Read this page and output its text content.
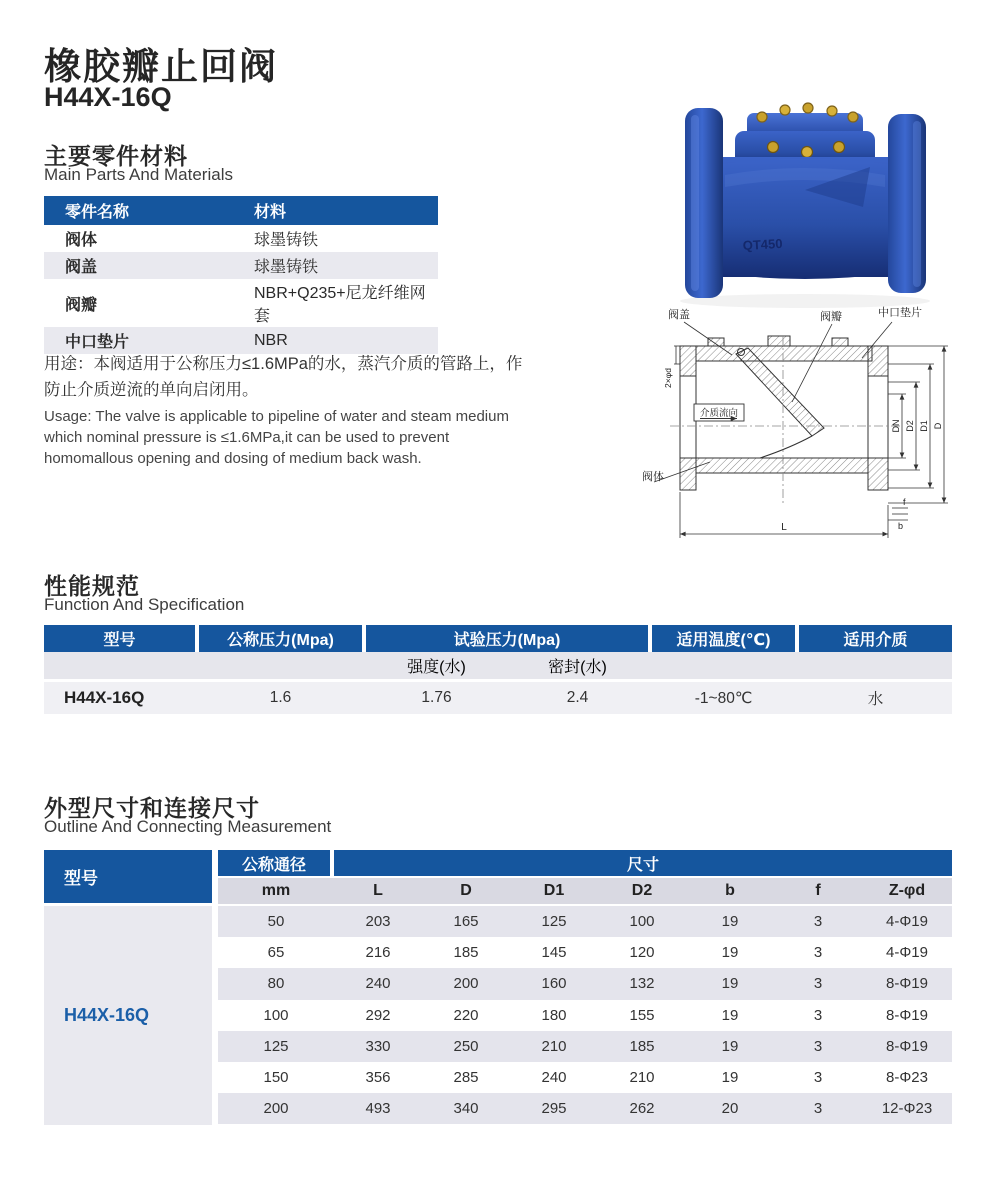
橡胶瓣止回阀
H44X-16Q
主要零件材料
Main Parts And Materials
零件名称	材料
阀体	球墨铸铁
阀盖	球墨铸铁
阀瓣	NBR+Q235+尼龙纤维网套
中口垫片	NBR
用途：本阀适用于公称压力≤1.6MPa的水，蒸汽介质的管路上，作防止介质逆流的单向启闭用。
Usage: The valve is applicable to pipeline of water and steam medium which nominal pressure is ≤1.6MPa,it can be used to prevent homomallous opening and dosing of medium back wash.
QT450
介质流向
DN D2 D1 D
L
f
b
2×φd
阀盖	阀瓣	中口垫片
阀体
性能规范
Function And Specification
型号	公称压力(Mpa)	试验压力(Mpa)	适用温度(℃)	适用介质
强度(水)	密封(水)
H44X-16Q	1.6	1.76	2.4	-1~80℃	水
外型尺寸和连接尺寸
Outline And Connecting Measurement
型号
H44X-16Q
公称通径	尺寸
mm	L	D	D1	D2	b	f	Z-φd
50	203	165	125	100	19	3	4-Φ19
65	216	185	145	120	19	3	4-Φ19
80	240	200	160	132	19	3	8-Φ19
100	292	220	180	155	19	3	8-Φ19
125	330	250	210	185	19	3	8-Φ19
150	356	285	240	210	19	3	8-Φ23
200	493	340	295	262	20	3	12-Φ23
